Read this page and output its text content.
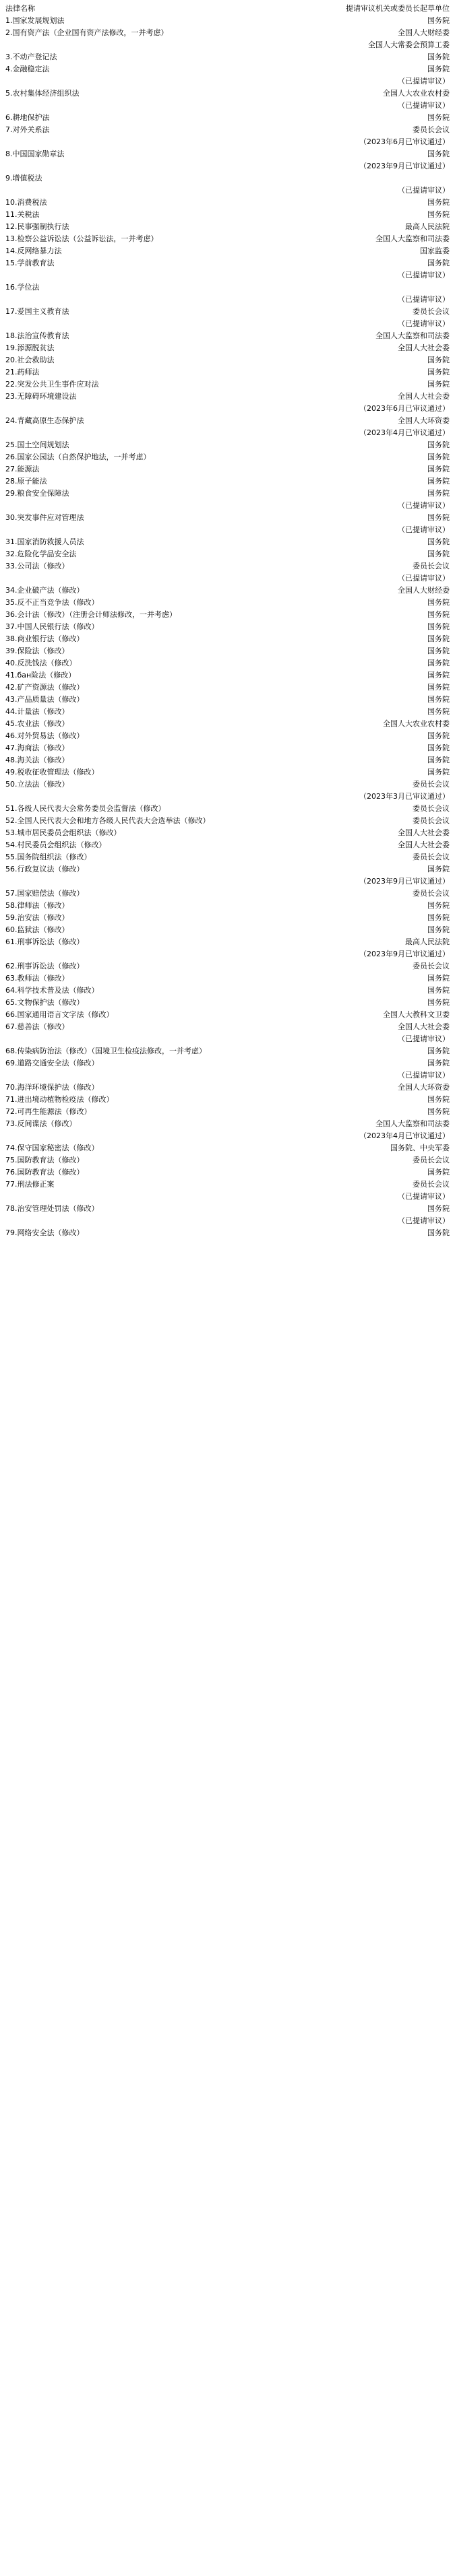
法律名称	提请审议机关或委员长起草单位
1.国家发展规划法	国务院
2.国有资产法（企业国有资产法修改，一并考虑）	全国人大财经委
	全国人大常委会预算工委
3.不动产登记法	国务院
4.金融稳定法	国务院
	（已提请审议）
5.农村集体经济组织法	全国人大农业农村委
	（已提请审议）
6.耕地保护法	国务院
7.对外关系法	委员长会议
	（2023年6月已审议通过）
8.中国国家勋章法	国务院
	（2023年9月已审议通过）
9.增值税法	
	（已提请审议）
10.消费税法	国务院
11.关税法	国务院
12.民事强制执行法	最高人民法院
13.检察公益诉讼法（公益诉讼法，一并考虑）	全国人大监察和司法委
14.反网络暴力法	国家监委
15.学前教育法	国务院
	（已提请审议）
16.学位法	
	（已提请审议）
17.爱国主义教育法	委员长会议
	（已提请审议）
18.法治宣传教育法	全国人大监察和司法委
19.添源脱贫法	全国人大社会委
20.社会救助法	国务院
21.药师法	国务院
22.突发公共卫生事件应对法	国务院
23.无障碍环境建设法	全国人大社会委
	（2023年6月已审议通过）
24.青藏高原生态保护法	全国人大环资委
	（2023年4月已审议通过）
25.国土空间规划法	国务院
26.国家公园法（自然保护地法，一并考虑）	国务院
27.能源法	国务院
28.原子能法	国务院
29.粮食安全保障法	国务院
	（已提请审议）
30.突发事件应对管理法	国务院
	（已提请审议）
31.国家消防救援人员法	国务院
32.危险化学品安全法	国务院
33.公司法（修改）	委员长会议
	（已提请审议）
34.企业破产法（修改）	全国人大财经委
35.反不正当竞争法（修改）	国务院
36.会计法（修改）（注册会计师法修改，一并考虑）	国务院
37.中国人民银行法（修改）	国务院
38.商业银行法（修改）	国务院
39.保险法（修改）	国务院
40.反洗钱法（修改）	国务院
41.бан险法（修改）	国务院
42.矿产资源法（修改）	国务院
43.产品质量法（修改）	国务院
44.计量法（修改）	国务院
45.农业法（修改）	全国人大农业农村委
46.对外贸易法（修改）	国务院
47.海商法（修改）	国务院
48.海关法（修改）	国务院
49.税收征收管理法（修改）	国务院
50.立法法（修改）	委员长会议
	（2023年3月已审议通过）
51.各级人民代表大会常务委员会监督法（修改）	委员长会议
52.全国人民代表大会和地方各级人民代表大会选举法（修改）	委员长会议
53.城市居民委员会组织法（修改）	全国人大社会委
54.村民委员会组织法（修改）	全国人大社会委
55.国务院组织法（修改）	委员长会议
56.行政复议法（修改）	国务院
	（2023年9月已审议通过）
57.国家赔偿法（修改）	委员长会议
58.律师法（修改）	国务院
59.治安法（修改）	国务院
60.监狱法（修改）	国务院
61.刑事诉讼法（修改）	最高人民法院
	（2023年9月已审议通过）
62.刑事诉讼法（修改）	委员长会议
63.教师法（修改）	国务院
64.科学技术普及法（修改）	国务院
65.文物保护法（修改）	国务院
66.国家通用语言文字法（修改）	全国人大教科文卫委
67.慈善法（修改）	全国人大社会委
	（已提请审议）
68.传染病防治法（修改）（国境卫生检疫法修改，一并考虑）	国务院
69.道路交通安全法（修改）	国务院
	（已提请审议）
70.海洋环境保护法（修改）	全国人大环资委
71.进出境动植物检疫法（修改）	国务院
72.可再生能源法（修改）	国务院
73.反间谍法（修改）	全国人大监察和司法委
	（2023年4月已审议通过）
74.保守国家秘密法（修改）	国务院、中央军委
75.国防教育法（修改）	委员长会议
76.国防教育法（修改）	国务院
77.刑法修正案	委员长会议
	（已提请审议）
78.治安管理处罚法（修改）	国务院
	（已提请审议）
79.网络安全法（修改）	国务院
